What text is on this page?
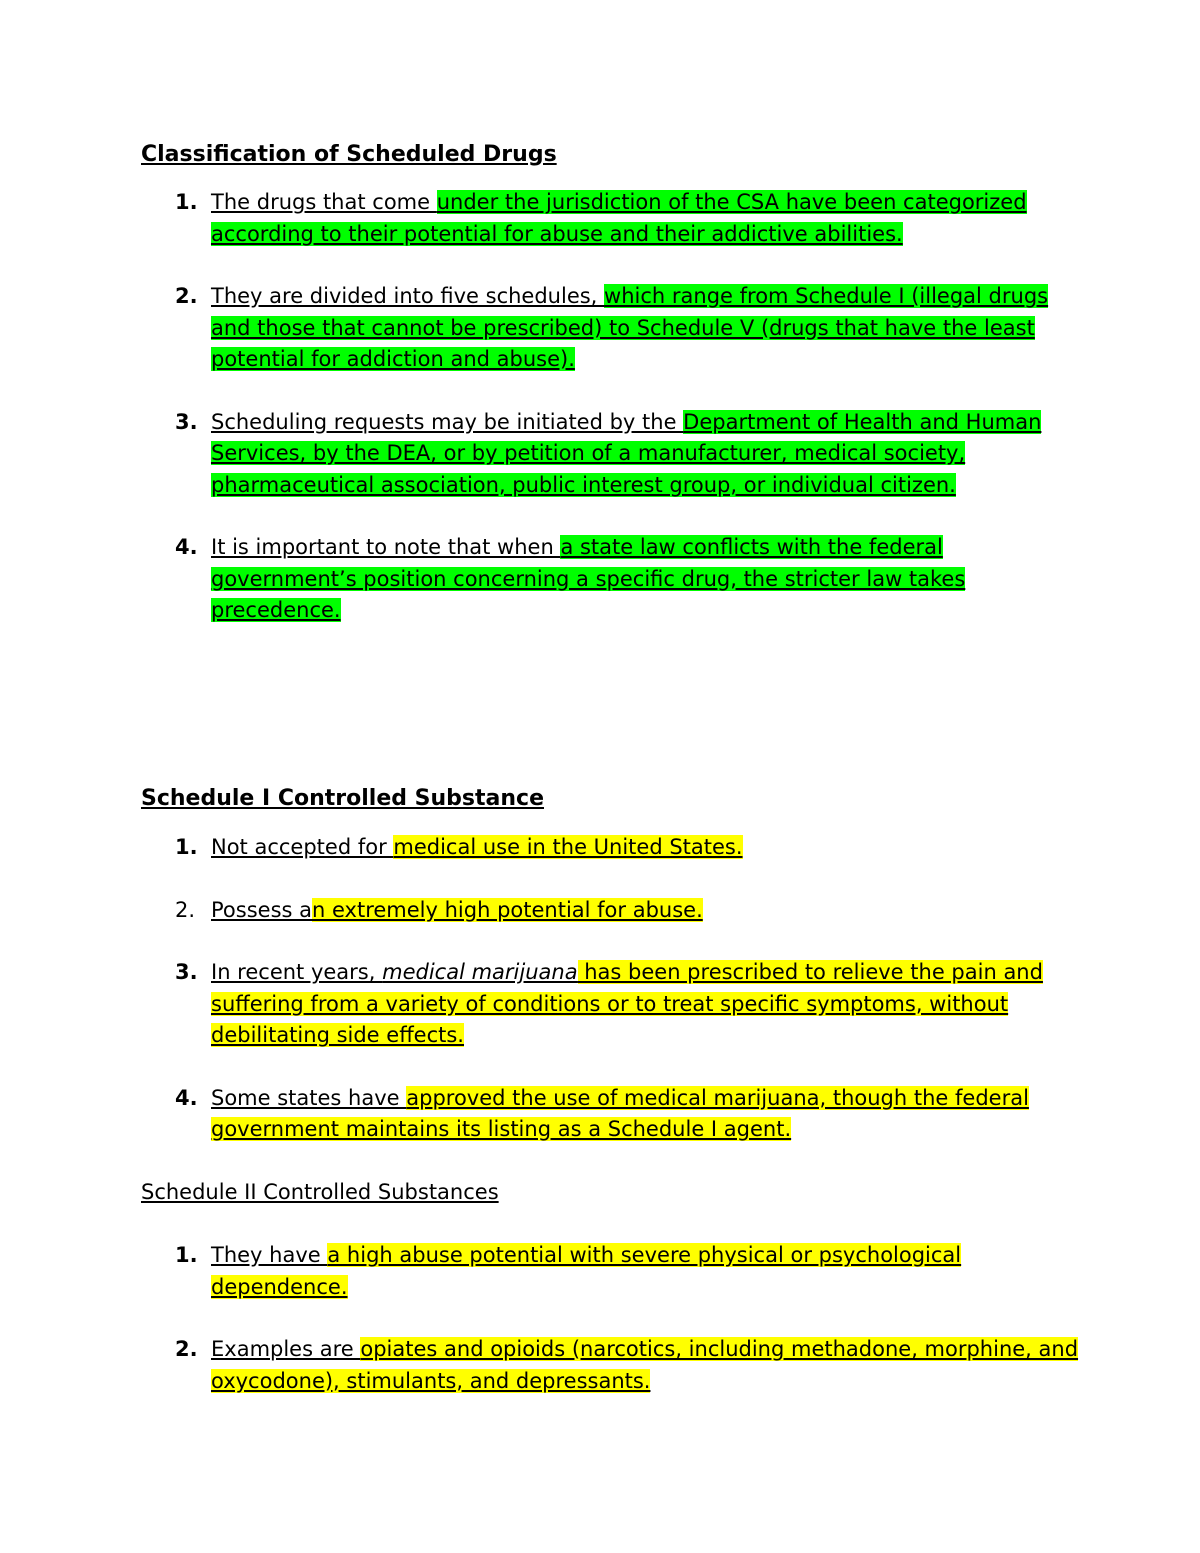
Classification of Scheduled Drugs
1. The drugs that come under the jurisdiction of the CSA have been categorized according to their potential for abuse and their addictive abilities.
2. They are divided into five schedules, which range from Schedule I (illegal drugs and those that cannot be prescribed) to Schedule V (drugs that have the least potential for addiction and abuse).
3. Scheduling requests may be initiated by the Department of Health and Human Services, by the DEA, or by petition of a manufacturer, medical society, pharmaceutical association, public interest group, or individual citizen.
4. It is important to note that when a state law conflicts with the federal government’s position concerning a specific drug, the stricter law takes precedence.
Schedule I Controlled Substance
1. Not accepted for medical use in the United States.
2. Possess an extremely high potential for abuse.
3. In recent years, medical marijuana has been prescribed to relieve the pain and suffering from a variety of conditions or to treat specific symptoms, without debilitating side effects.
4. Some states have approved the use of medical marijuana, though the federal government maintains its listing as a Schedule I agent.
Schedule II Controlled Substances
1. They have a high abuse potential with severe physical or psychological dependence.
2. Examples are opiates and opioids (narcotics, including methadone, morphine, and oxycodone), stimulants, and depressants.
